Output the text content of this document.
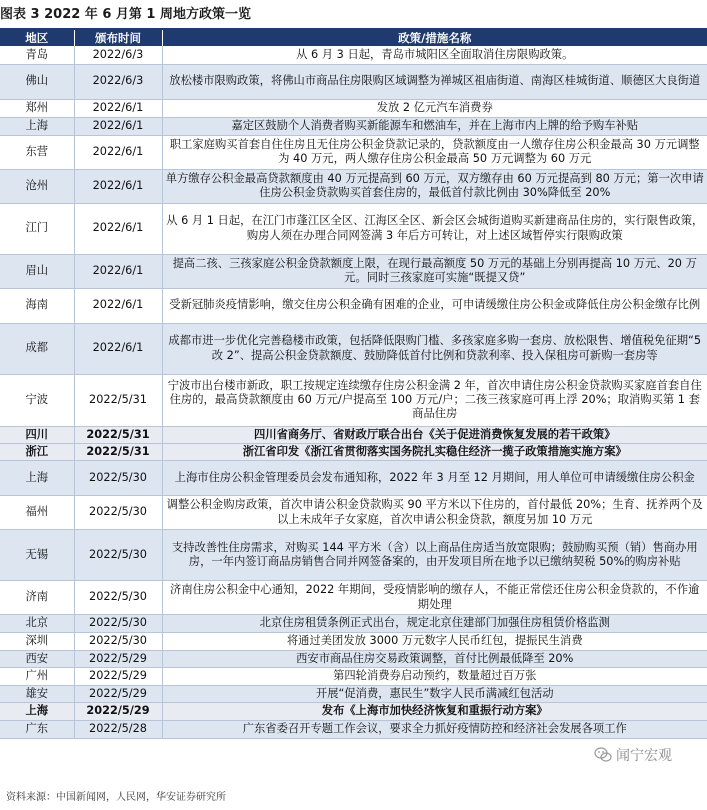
图表 3 2022 年 6 月第 1 周地方政策一览
地区	颁布时间	政策/措施名称
青岛	2022/6/3	从 6 月 3 日起，青岛市城阳区全面取消住房限购政策。
佛山	2022/6/3	放松楼市限购政策，将佛山市商品住房限购区域调整为禅城区祖庙街道、南海区桂城街道、顺德区大良街道
郑州	2022/6/1	发放 2 亿元汽车消费券
上海	2022/6/1	嘉定区鼓励个人消费者购买新能源车和燃油车，并在上海市内上牌的给予购车补贴
东营	2022/6/1	职工家庭购买首套自住住房且无住房公积金贷款记录的，贷款额度由一人缴存住房公积金最高 30 万元调整为 40 万元，两人缴存住房公积金最高 50 万元调整为 60 万元
沧州	2022/6/1	单方缴存公积金最高贷款额度由 40 万元提高到 60 万元，双方缴存由 60 万元提高到 80 万元；第一次申请住房公积金贷款购买首套住房的，最低首付款比例由 30%降低至 20%
江门	2022/6/1	从 6 月 1 日起，在江门市蓬江区全区、江海区全区、新会区会城街道购买新建商品住房的，实行限售政策，购房人须在办理合同网签满 3 年后方可转让，对上述区域暂停实行限购政策
眉山	2022/6/1	提高二孩、三孩家庭公积金贷款额度上限，在现行最高额度 50 万元的基础上分别再提高 10 万元、20 万元。同时三孩家庭可实施“既提又贷”
海南	2022/6/1	受新冠肺炎疫情影响，缴交住房公积金确有困难的企业，可申请缓缴住房公积金或降低住房公积金缴存比例
成都	2022/6/1	成都市进一步优化完善稳楼市政策，包括降低限购门槛、多孩家庭多购一套房、放松限售、增值税免征期“5 改 2”、提高公积金贷款额度、鼓励降低首付比例和贷款利率、投入保租房可新购一套房等
宁波	2022/5/31	宁波市出台楼市新政，职工按规定连续缴存住房公积金满 2 年，首次申请住房公积金贷款购买家庭首套自住住房的，最高贷款额度由 60 万元/户提高至 100 万元/户；二孩三孩家庭可再上浮 20%；取消购买第 1 套商品住房
四川	2022/5/31	四川省商务厅、省财政厅联合出台《关于促进消费恢复发展的若干政策》
浙江	2022/5/31	浙江省印发《浙江省贯彻落实国务院扎实稳住经济一揽子政策措施实施方案》
上海	2022/5/30	上海市住房公积金管理委员会发布通知称，2022 年 3 月至 12 月期间，用人单位可申请缓缴住房公积金
福州	2022/5/30	调整公积金购房政策，首次申请公积金贷款购买 90 平方米以下住房的，首付最低 20%；生育、抚养两个及以上未成年子女家庭，首次申请公积金贷款，额度另加 10 万元
无锡	2022/5/30	支持改善性住房需求，对购买 144 平方米（含）以上商品住房适当放宽限购；鼓励购买预（销）售商办用房，一年内签订商品房销售合同并网签备案的，由开发项目所在地予以已缴纳契税 50%的购房补贴
济南	2022/5/30	济南住房公积金中心通知，2022 年期间，受疫情影响的缴存人，不能正常偿还住房公积金贷款的，不作逾期处理
北京	2022/5/30	北京住房租赁条例正式出台，规定北京住建部门加强住房租赁价格监测
深圳	2022/5/30	将通过美团发放 3000 万元数字人民币红包，提振民生消费
西安	2022/5/29	西安市商品住房交易政策调整，首付比例最低降至 20%
广州	2022/5/29	第四轮消费券启动预约，数量超过百万张
雄安	2022/5/29	开展“促消费，惠民生”数字人民币满减红包活动
上海	2022/5/29	发布《上海市加快经济恢复和重振行动方案》
广东	2022/5/28	广东省委召开专题工作会议，要求全力抓好疫情防控和经济社会发展各项工作
闻宁宏观
资料来源：中国新闻网，人民网，华安证券研究所
